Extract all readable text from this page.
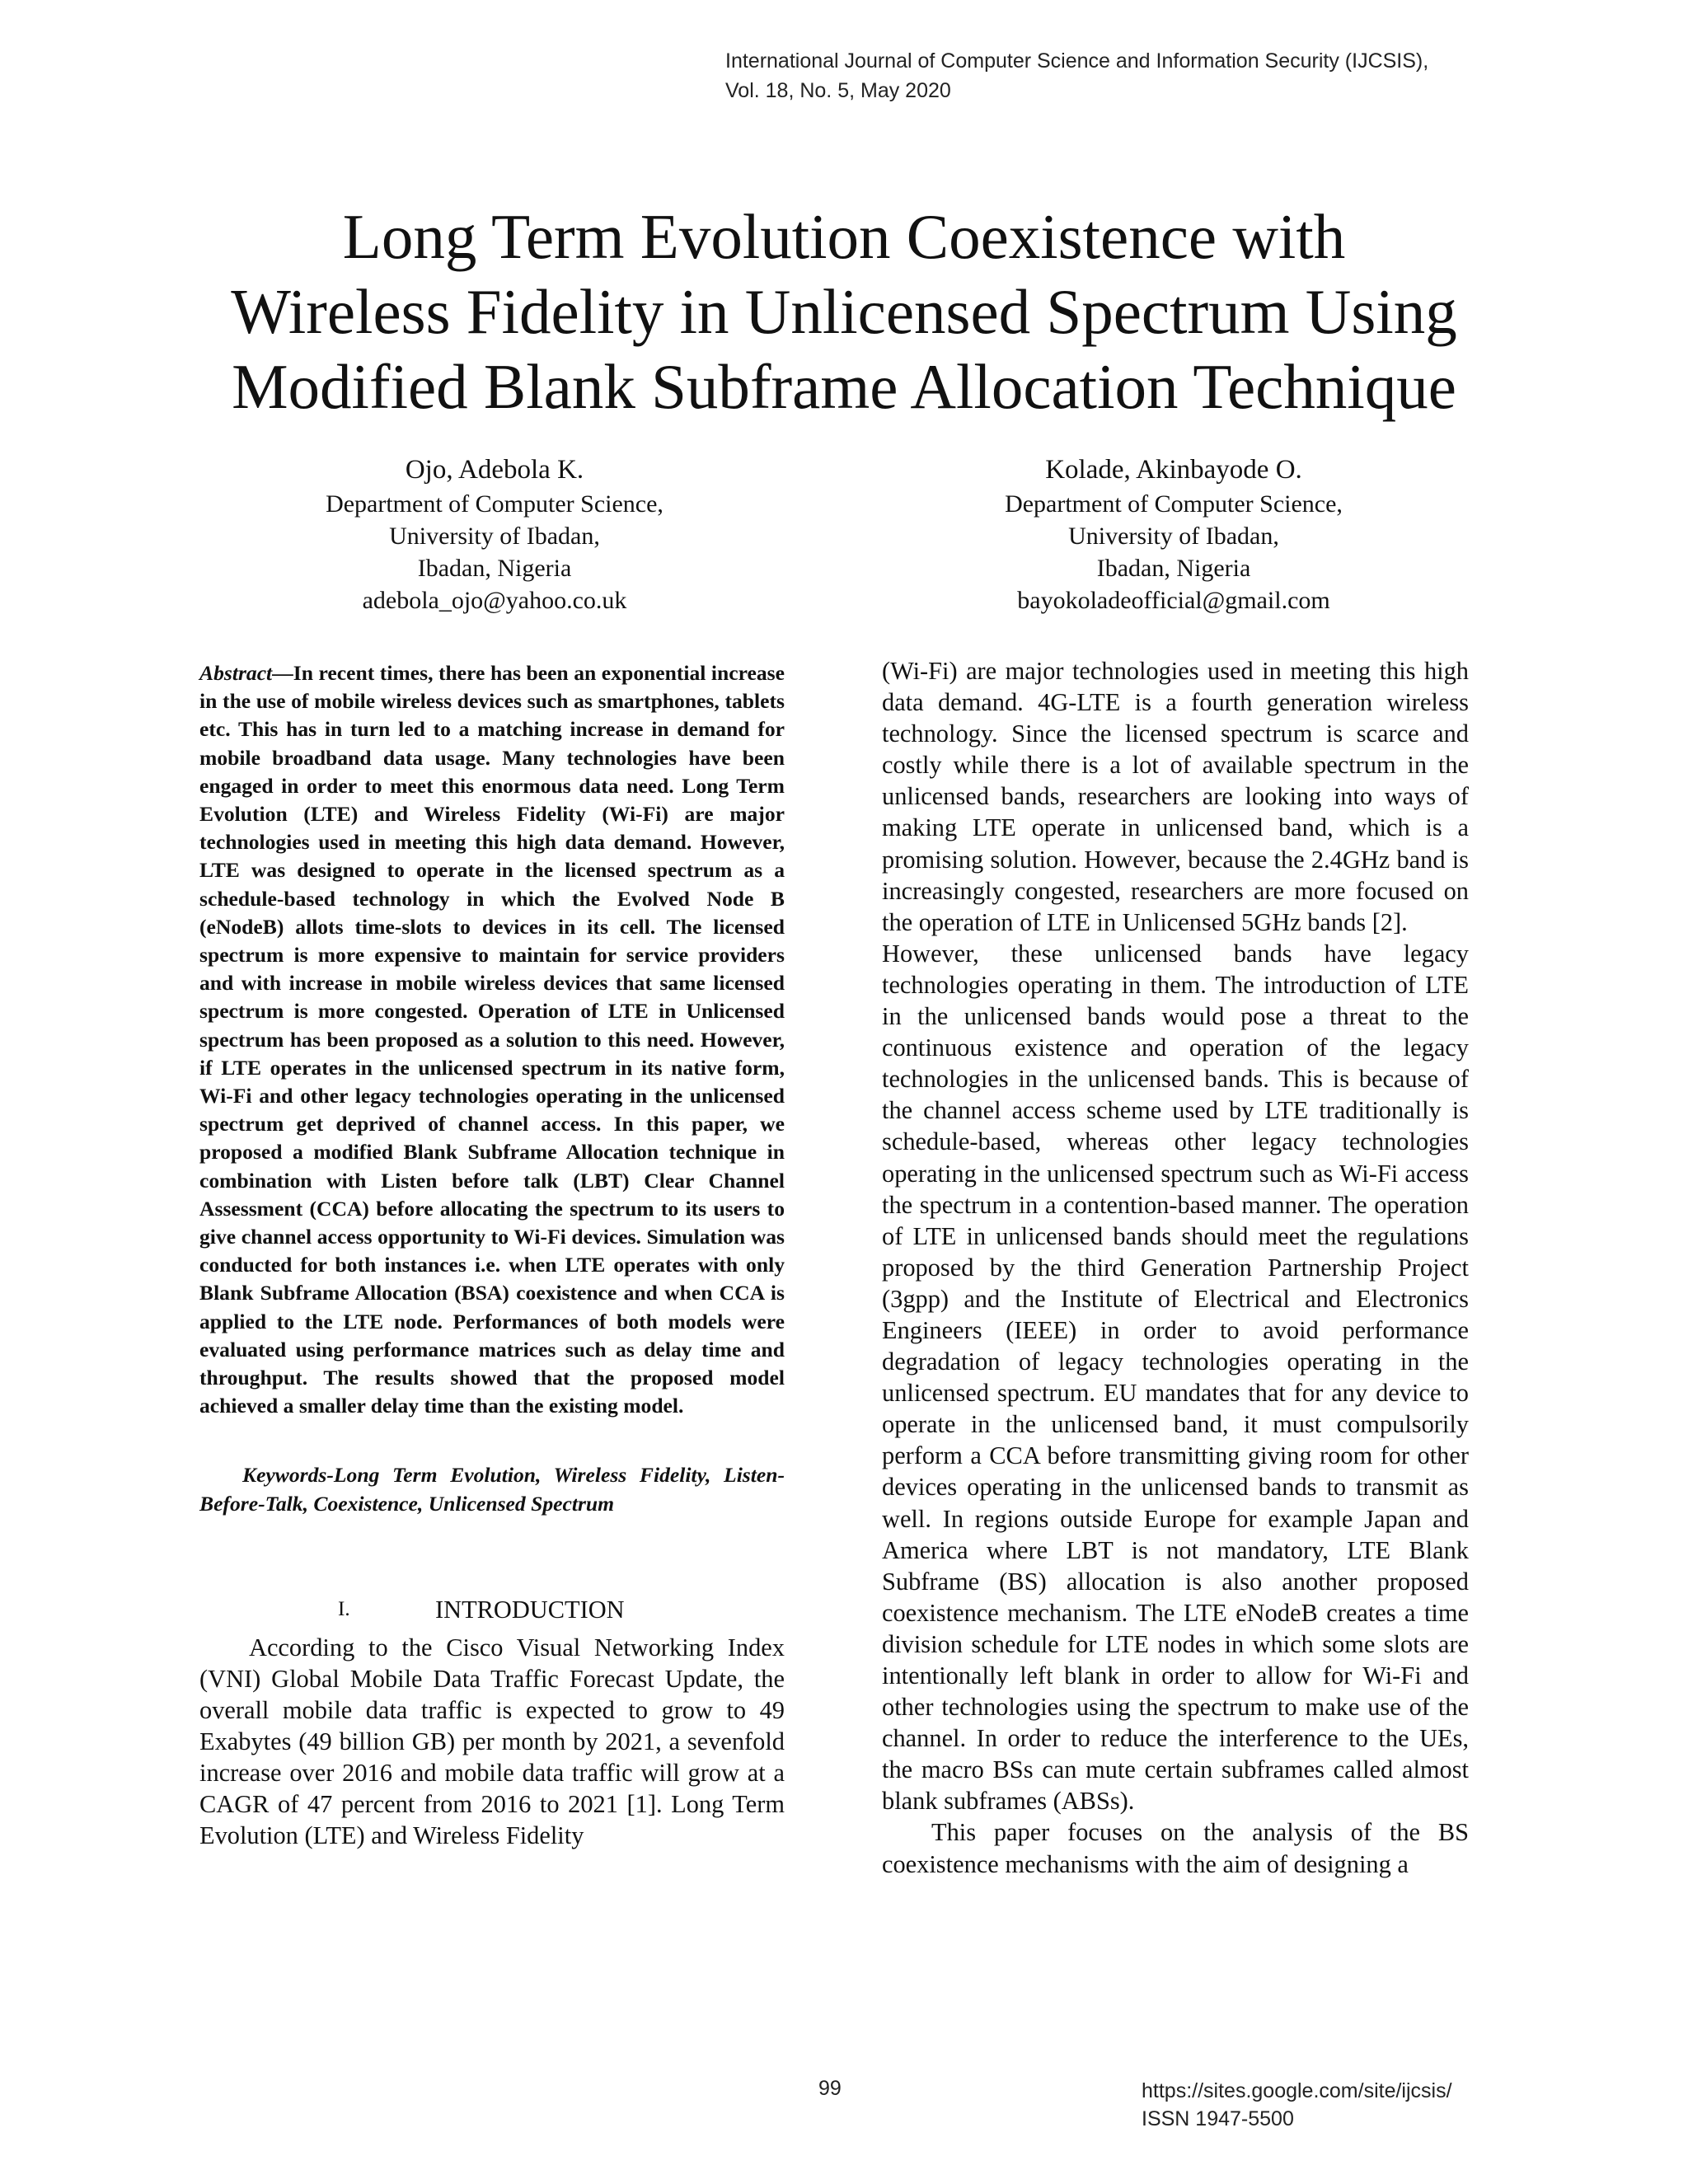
International Journal of Computer Science and Information Security (IJCSIS),
Vol. 18, No. 5, May 2020
Long Term Evolution Coexistence with
Wireless Fidelity in Unlicensed Spectrum Using
Modified Blank Subframe Allocation Technique
Ojo, Adebola K.
Department of Computer Science,
University of Ibadan,
Ibadan, Nigeria
adebola_ojo@yahoo.co.uk
Kolade, Akinbayode O.
Department of Computer Science,
University of Ibadan,
Ibadan, Nigeria
bayokoladeofficial@gmail.com

Abstract—In recent times, there has been an exponential increase in the use of mobile wireless devices such as smartphones, tablets etc. This has in turn led to a matching increase in demand for mobile broadband data usage. Many technologies have been engaged in order to meet this enormous data need. Long Term Evolution (LTE) and Wireless Fidelity (Wi-Fi) are major technologies used in meeting this high data demand. However, LTE was designed to operate in the licensed spectrum as a schedule-based technology in which the Evolved Node B (eNodeB) allots time-slots to devices in its cell. The licensed spectrum is more expensive to maintain for service providers and with increase in mobile wireless devices that same licensed spectrum is more congested. Operation of LTE in Unlicensed spectrum has been proposed as a solution to this need. However, if LTE operates in the unlicensed spectrum in its native form, Wi-Fi and other legacy technologies operating in the unlicensed spectrum get deprived of channel access. In this paper, we proposed a modified Blank Subframe Allocation technique in combination with Listen before talk (LBT) Clear Channel Assessment (CCA) before allocating the spectrum to its users to give channel access opportunity to Wi-Fi devices. Simulation was conducted for both instances i.e. when LTE operates with only Blank Subframe Allocation (BSA) coexistence and when CCA is applied to the LTE node. Performances of both models were evaluated using performance matrices such as delay time and throughput. The results showed that the proposed model achieved a smaller delay time than the existing model.

Keywords-Long Term Evolution, Wireless Fidelity, Listen-Before-Talk, Coexistence, Unlicensed Spectrum

I.	INTRODUCTION

According to the Cisco Visual Networking Index (VNI) Global Mobile Data Traffic Forecast Update, the overall mobile data traffic is expected to grow to 49 Exabytes (49 billion GB) per month by 2021, a sevenfold increase over 2016 and mobile data traffic will grow at a CAGR of 47 percent from 2016 to 2021 [1]. Long Term Evolution (LTE) and Wireless Fidelity

(Wi-Fi) are major technologies used in meeting this high data demand. 4G-LTE is a fourth generation wireless technology. Since the licensed spectrum is scarce and costly while there is a lot of available spectrum in the unlicensed bands, researchers are looking into ways of making LTE operate in unlicensed band, which is a promising solution. However, because the 2.4GHz band is increasingly congested, researchers are more focused on the operation of LTE in Unlicensed 5GHz bands [2].

However, these unlicensed bands have legacy technologies operating in them. The introduction of LTE in the unlicensed bands would pose a threat to the continuous existence and operation of the legacy technologies in the unlicensed bands. This is because of the channel access scheme used by LTE traditionally is schedule-based, whereas other legacy technologies operating in the unlicensed spectrum such as Wi-Fi access the spectrum in a contention-based manner. The operation of LTE in unlicensed bands should meet the regulations proposed by the third Generation Partnership Project (3gpp) and the Institute of Electrical and Electronics Engineers (IEEE) in order to avoid performance degradation of legacy technologies operating in the unlicensed spectrum. EU mandates that for any device to operate in the unlicensed band, it must compulsorily perform a CCA before transmitting giving room for other devices operating in the unlicensed bands to transmit as well. In regions outside Europe for example Japan and America where LBT is not mandatory, LTE Blank Subframe (BS) allocation is also another proposed coexistence mechanism. The LTE eNodeB creates a time division schedule for LTE nodes in which some slots are intentionally left blank in order to allow for Wi-Fi and other technologies using the spectrum to make use of the channel. In order to reduce the interference to the UEs, the macro BSs can mute certain subframes called almost blank subframes (ABSs).

This paper focuses on the analysis of the BS coexistence mechanisms with the aim of designing a

99	https://sites.google.com/site/ijcsis/
ISSN 1947-5500
